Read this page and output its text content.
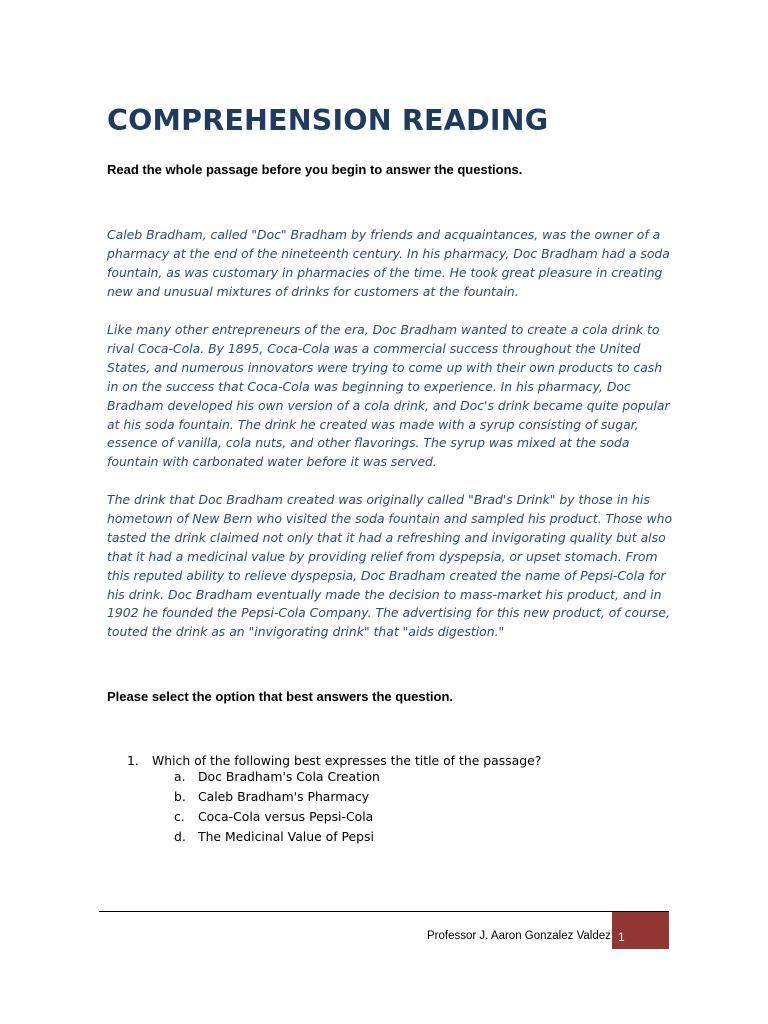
COMPREHENSION READING

Read the whole passage before you begin to answer the questions.

Caleb Bradham, called "Doc" Bradham by friends and acquaintances, was the owner of a
pharmacy at the end of the nineteenth century. In his pharmacy, Doc Bradham had a soda
fountain, as was customary in pharmacies of the time. He took great pleasure in creating
new and unusual mixtures of drinks for customers at the fountain.
Like many other entrepreneurs of the era, Doc Bradham wanted to create a cola drink to
rival Coca-Cola. By 1895, Coca-Cola was a commercial success throughout the United
States, and numerous innovators were trying to come up with their own products to cash
in on the success that Coca-Cola was beginning to experience. In his pharmacy, Doc
Bradham developed his own version of a cola drink, and Doc's drink became quite popular
at his soda fountain. The drink he created was made with a syrup consisting of sugar,
essence of vanilla, cola nuts, and other flavorings. The syrup was mixed at the soda
fountain with carbonated water before it was served.
The drink that Doc Bradham created was originally called "Brad's Drink" by those in his
hometown of New Bern who visited the soda fountain and sampled his product. Those who
tasted the drink claimed not only that it had a refreshing and invigorating quality but also
that it had a medicinal value by providing relief from dyspepsia, or upset stomach. From
this reputed ability to relieve dyspepsia, Doc Bradham created the name of Pepsi-Cola for
his drink. Doc Bradham eventually made the decision to mass-market his product, and in
1902 he founded the Pepsi-Cola Company. The advertising for this new product, of course,
touted the drink as an "invigorating drink" that "aids digestion."

Please select the option that best answers the question.

1. Which of the following best expresses the title of the passage?
a. Doc Bradham's Cola Creation
b. Caleb Bradham's Pharmacy
c. Coca-Cola versus Pepsi-Cola
d. The Medicinal Value of Pepsi
Professor J. Aaron Gonzalez Valdez 1
